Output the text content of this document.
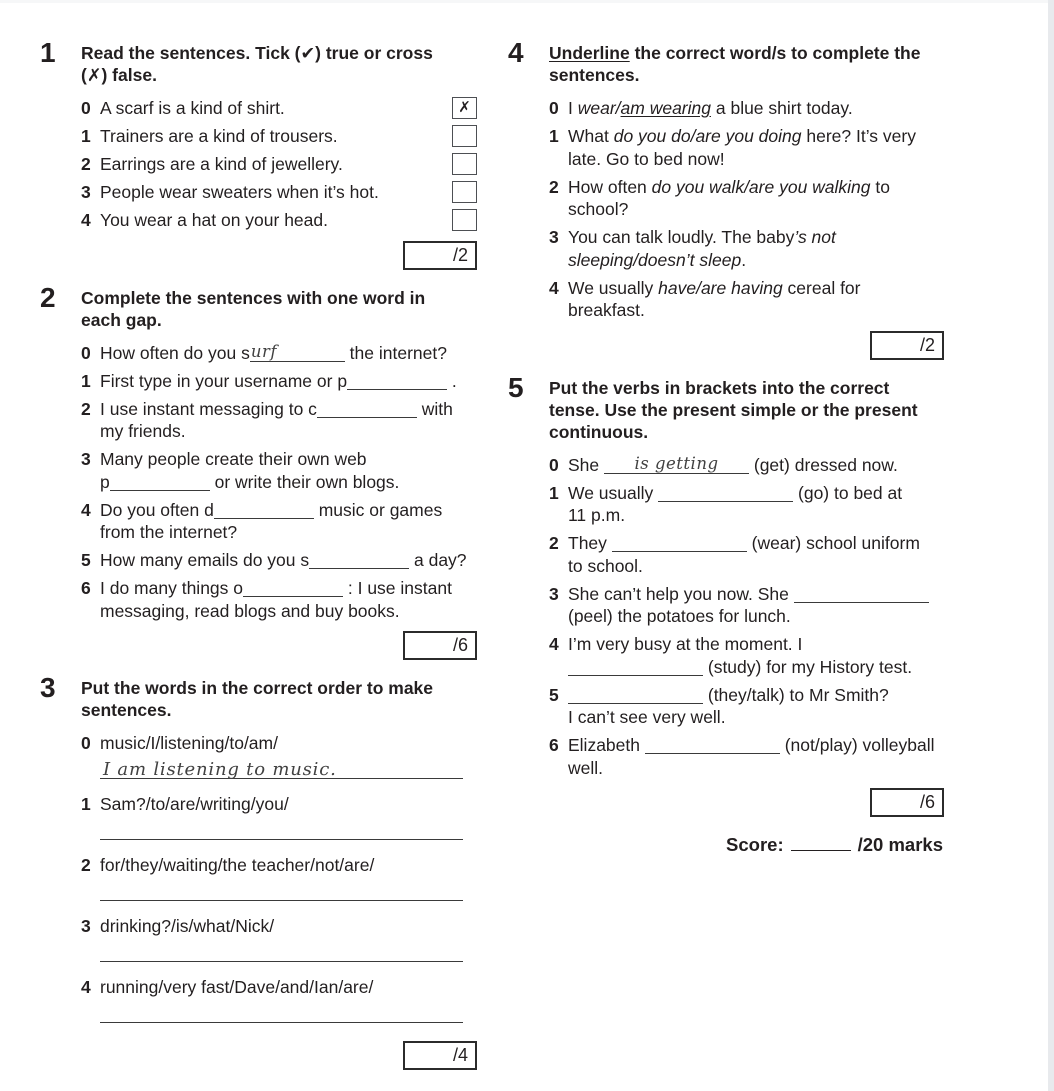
1	Read the sentences. Tick (✔) true or cross (✗) false.
0 A scarf is a kind of shirt.	✗
1 Trainers are a kind of trousers.
2 Earrings are a kind of jewellery.
3 People wear sweaters when it’s hot.
4 You wear a hat on your head.
/2
2	Complete the sentences with one word in each gap.
0 How often do you s urf	the internet?
1 First type in your username or p	.
2 I use instant messaging to c	with my friends.
3 Many people create their own web p	or write their own blogs.
4 Do you often d	music or games from the internet?
5 How many emails do you s	a day?
6 I do many things o	: I use instant messaging, read blogs and buy books.
/6
3	Put the words in the correct order to make sentences.
0 music/I/listening/to/am/
I am listening to music.
1 Sam?/to/are/writing/you/
2 for/they/waiting/the teacher/not/are/
3 drinking?/is/what/Nick/
4 running/very fast/Dave/and/Ian/are/
/4
4	Underline the correct word/s to complete the sentences.
0 I wear/am wearing a blue shirt today.
1 What do you do/are you doing here? It’s very late. Go to bed now!
2 How often do you walk/are you walking to school?
3 You can talk loudly. The baby’s not sleeping/doesn’t sleep.
4 We usually have/are having cereal for breakfast.
/2
5	Put the verbs in brackets into the correct tense. Use the present simple or the present continuous.
0 She is getting (get) dressed now.
1 We usually	(go) to bed at
11 p.m.
2 They	(wear) school uniform to school.
3 She can’t help you now. She  (peel) the potatoes for lunch.
4 I’m very busy at the moment. I  (study) for my History test.
5	(they/talk) to Mr Smith?
I can’t see very well.
6 Elizabeth	(not/play) volleyball well.
/6
Score:	/20 marks
